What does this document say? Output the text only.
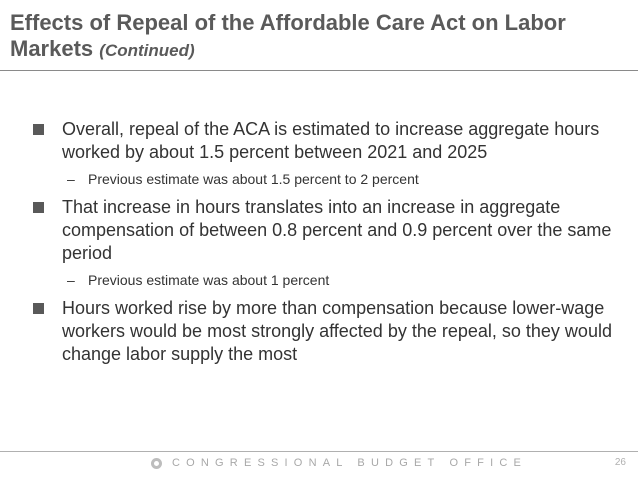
Effects of Repeal of the Affordable Care Act on Labor Markets (Continued)
Overall, repeal of the ACA is estimated to increase aggregate hours worked by about 1.5 percent between 2021 and 2025
– Previous estimate was about 1.5 percent to 2 percent
That increase in hours translates into an increase in aggregate compensation of between 0.8 percent and 0.9 percent over the same period
– Previous estimate was about 1 percent
Hours worked rise by more than compensation because lower-wage workers would be most strongly affected by the repeal, so they would change labor supply the most
CONGRESSIONAL BUDGET OFFICE	26
